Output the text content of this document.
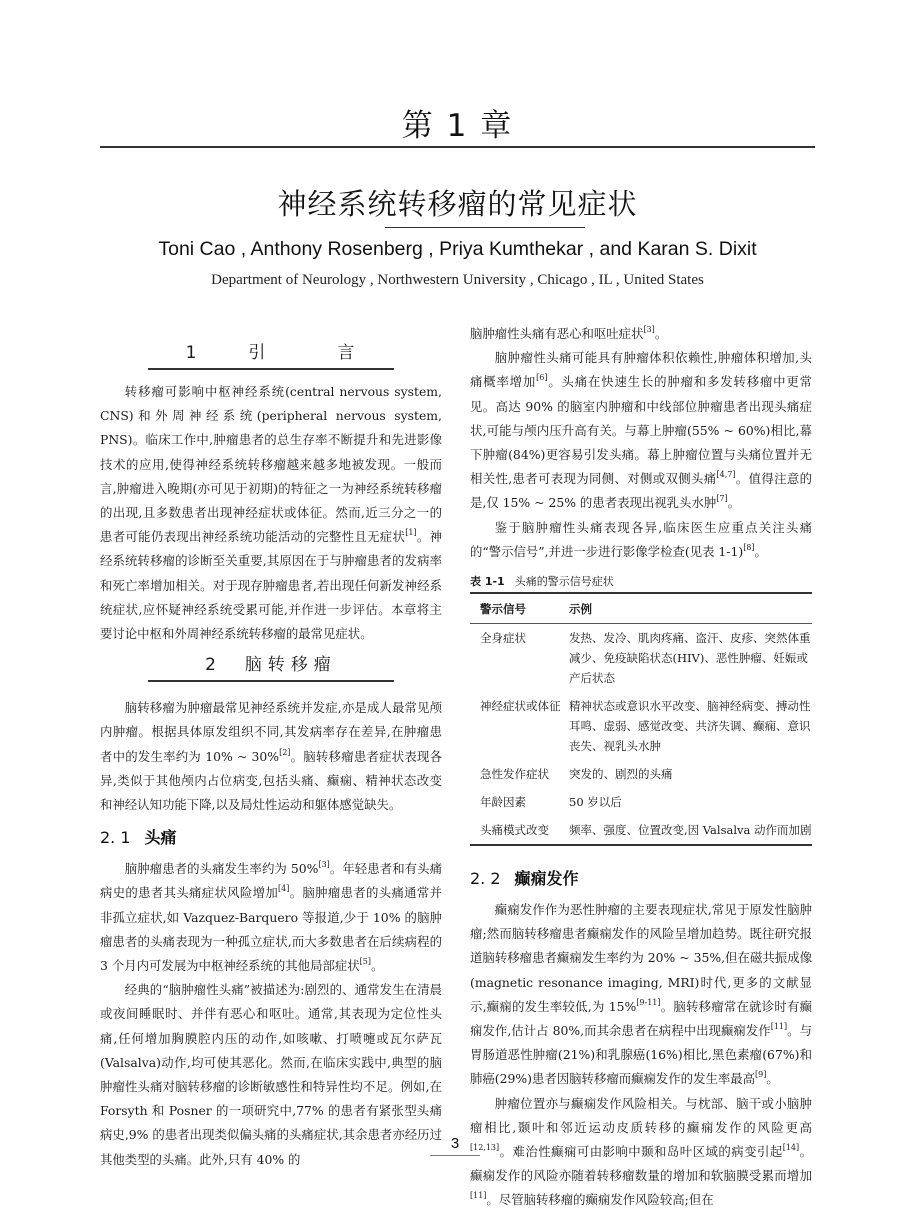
第 1 章
神经系统转移瘤的常见症状
Toni Cao , Anthony Rosenberg , Priya Kumthekar , and Karan S. Dixit
Department of Neurology , Northwestern University , Chicago , IL , United States
1	引	言

转移瘤可影响中枢神经系统(central nervous system, CNS)和外周神经系统(peripheral nervous system, PNS)。临床工作中,肿瘤患者的总生存率不断提升和先进影像技术的应用,使得神经系统转移瘤越来越多地被发现。一般而言,肿瘤进入晚期(亦可见于初期)的特征之一为神经系统转移瘤的出现,且多数患者出现神经症状或体征。然而,近三分之一的患者可能仍表现出神经系统功能活动的完整性且无症状[1]。神经系统转移瘤的诊断至关重要,其原因在于与肿瘤患者的发病率和死亡率增加相关。对于现存肿瘤患者,若出现任何新发神经系统症状,应怀疑神经系统受累可能,并作进一步评估。本章将主要讨论中枢和外周神经系统转移瘤的最常见症状。

2 脑转移瘤

脑转移瘤为肿瘤最常见神经系统并发症,亦是成人最常见颅内肿瘤。根据具体原发组织不同,其发病率存在差异,在肿瘤患者中的发生率约为 10% ~ 30%[2]。脑转移瘤患者症状表现各异,类似于其他颅内占位病变,包括头痛、癫痫、精神状态改变和神经认知功能下降,以及局灶性运动和躯体感觉缺失。

2. 1 头痛

脑肿瘤患者的头痛发生率约为 50%[3]。年轻患者和有头痛病史的患者其头痛症状风险增加[4]。脑肿瘤患者的头痛通常并非孤立症状,如 Vazquez-Barquero 等报道,少于 10% 的脑肿瘤患者的头痛表现为一种孤立症状,而大多数患者在后续病程的 3 个月内可发展为中枢神经系统的其他局部症状[5]。

经典的“脑肿瘤性头痛”被描述为:剧烈的、通常发生在清晨或夜间睡眠时、并伴有恶心和呕吐。通常,其表现为定位性头痛,任何增加胸膜腔内压的动作,如咳嗽、打喷嚏或瓦尔萨瓦(Valsalva)动作,均可使其恶化。然而,在临床实践中,典型的脑肿瘤性头痛对脑转移瘤的诊断敏感性和特异性均不足。例如,在 Forsyth 和 Posner 的一项研究中,77% 的患者有紧张型头痛病史,9% 的患者出现类似偏头痛的头痛症状,其余患者亦经历过其他类型的头痛。此外,只有 40% 的

脑肿瘤性头痛有恶心和呕吐症状[3]。

脑肿瘤性头痛可能具有肿瘤体积依赖性,肿瘤体积增加,头痛概率增加[6]。头痛在快速生长的肿瘤和多发转移瘤中更常见。高达 90% 的脑室内肿瘤和中线部位肿瘤患者出现头痛症状,可能与颅内压升高有关。与幕上肿瘤(55% ~ 60%)相比,幕下肿瘤(84%)更容易引发头痛。幕上肿瘤位置与头痛位置并无相关性,患者可表现为同侧、对侧或双侧头痛[4,7]。值得注意的是,仅 15% ~ 25% 的患者表现出视乳头水肿[7]。

鉴于脑肿瘤性头痛表现各异,临床医生应重点关注头痛的“警示信号”,并进一步进行影像学检查(见表 1-1)[8]。

表 1-1 头痛的警示信号症状
警示信号	示例
全身症状	发热、发冷、肌肉疼痛、盗汗、皮疹、突然体重减少、免疫缺陷状态(HIV)、恶性肿瘤、妊娠或产后状态
神经症状或体征	精神状态或意识水平改变、脑神经病变、搏动性耳鸣、虚弱、感觉改变、共济失调、癫痫、意识丧失、视乳头水肿
急性发作症状	突发的、剧烈的头痛
年龄因素	50 岁以后
头痛模式改变	频率、强度、位置改变,因 Valsalva 动作而加剧
2. 2 癫痫发作

癫痫发作作为恶性肿瘤的主要表现症状,常见于原发性脑肿瘤;然而脑转移瘤患者癫痫发作的风险呈增加趋势。既往研究报道脑转移瘤患者癫痫发生率约为 20% ~ 35%,但在磁共振成像(magnetic resonance imaging, MRI)时代,更多的文献显示,癫痫的发生率较低,为 15%[9-11]。脑转移瘤常在就诊时有癫痫发作,估计占 80%,而其余患者在病程中出现癫痫发作[11]。与胃肠道恶性肿瘤(21%)和乳腺癌(16%)相比,黑色素瘤(67%)和肺癌(29%)患者因脑转移瘤而癫痫发作的发生率最高[9]。

肿瘤位置亦与癫痫发作风险相关。与枕部、脑干或小脑肿瘤相比,颞叶和邻近运动皮质转移的癫痫发作的风险更高[12,13]。难治性癫痫可由影响中颞和岛叶区域的病变引起[14]。癫痫发作的风险亦随着转移瘤数量的增加和软脑膜受累而增加[11]。尽管脑转移瘤的癫痫发作风险较高;但在

3
